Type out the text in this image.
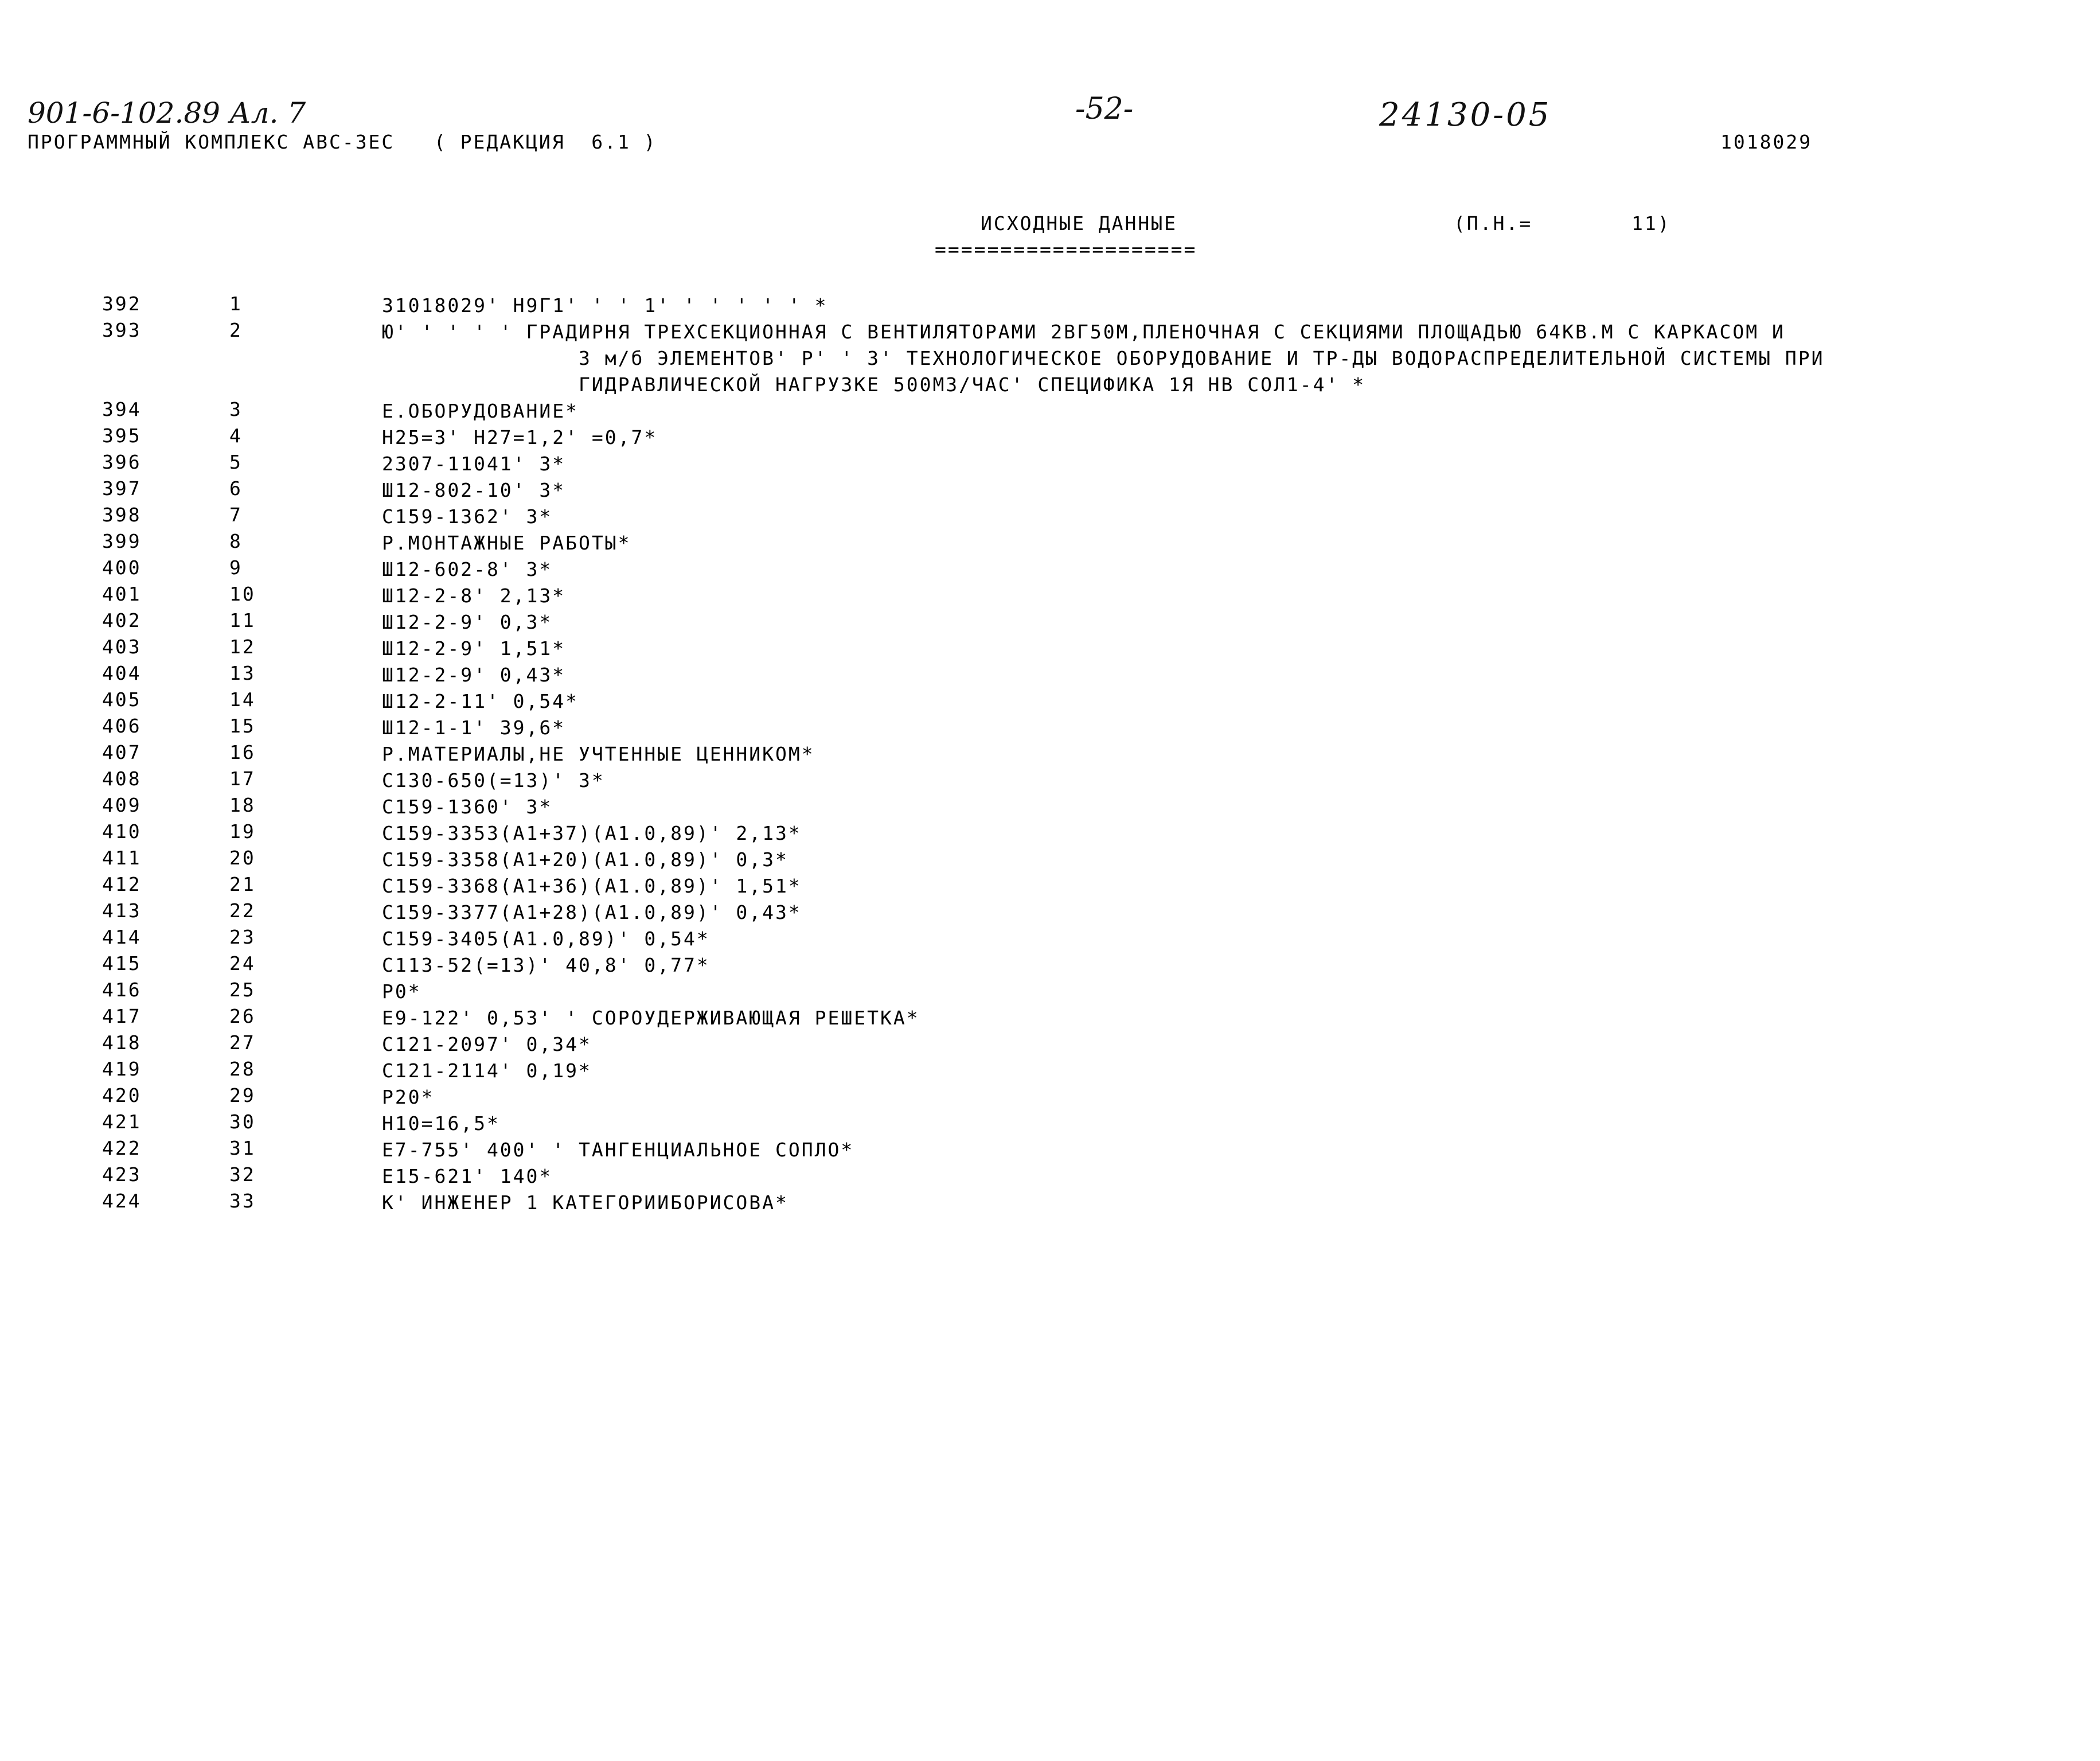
901-6-102.89 Ал. 7	-52-	24130-05
ПРОГРАММНЫЙ КОМПЛЕКС АВС-3ЕС   ( РЕДАКЦИЯ  6.1 )	1018029
ИСХОДНЫЕ ДАННЫЕ	(П.Н.=	11)
====================
392	1	31018029' Н9Г1' ' ' 1' ' ' ' ' ' *
393	2	Ю' ' ' ' ' ГРАДИРНЯ ТРЕХСЕКЦИОННАЯ С ВЕНТИЛЯТОРАМИ 2ВГ50М,ПЛЕНОЧНАЯ С СЕКЦИЯМИ ПЛОЩАДЬЮ 64КВ.М С КАРКАСОМ И
3 м/б ЭЛЕМЕНТОВ' Р' ' 3' ТЕХНОЛОГИЧЕСКОЕ ОБОРУДОВАНИЕ И ТР-ДЫ ВОДОРАСПРЕДЕЛИТЕЛЬНОЙ СИСТЕМЫ ПРИ
ГИДРАВЛИЧЕСКОЙ НАГРУЗКЕ 500М3/ЧАС' СПЕЦИФИКА 1Я НВ СОЛ1-4' *
394	3	Е.ОБОРУДОВАНИЕ*
395	4	Н25=3' Н27=1,2' =0,7*
396	5	2307-11041' 3*
397	6	Ш12-802-10' 3*
398	7	С159-1362' 3*
399	8	Р.МОНТАЖНЫЕ РАБОТЫ*
400	9	Ш12-602-8' 3*
401	10	Ш12-2-8' 2,13*
402	11	Ш12-2-9' 0,3*
403	12	Ш12-2-9' 1,51*
404	13	Ш12-2-9' 0,43*
405	14	Ш12-2-11' 0,54*
406	15	Ш12-1-1' 39,6*
407	16	Р.МАТЕРИАЛЫ,НЕ УЧТЕННЫЕ ЦЕННИКОМ*
408	17	С130-650(=13)' 3*
409	18	С159-1360' 3*
410	19	С159-3353(А1+37)(А1.0,89)' 2,13*
411	20	С159-3358(А1+20)(А1.0,89)' 0,3*
412	21	С159-3368(А1+36)(А1.0,89)' 1,51*
413	22	С159-3377(А1+28)(А1.0,89)' 0,43*
414	23	С159-3405(А1.0,89)' 0,54*
415	24	С113-52(=13)' 40,8' 0,77*
416	25	Р0*
417	26	Е9-122' 0,53' ' СОРОУДЕРЖИВАЮЩАЯ РЕШЕТКА*
418	27	С121-2097' 0,34*
419	28	С121-2114' 0,19*
420	29	Р20*
421	30	Н10=16,5*
422	31	Е7-755' 400' ' ТАНГЕНЦИАЛЬНОЕ СОПЛО*
423	32	Е15-621' 140*
424	33	К' ИНЖЕНЕР 1 КАТЕГОРИИБОРИСОВА*
